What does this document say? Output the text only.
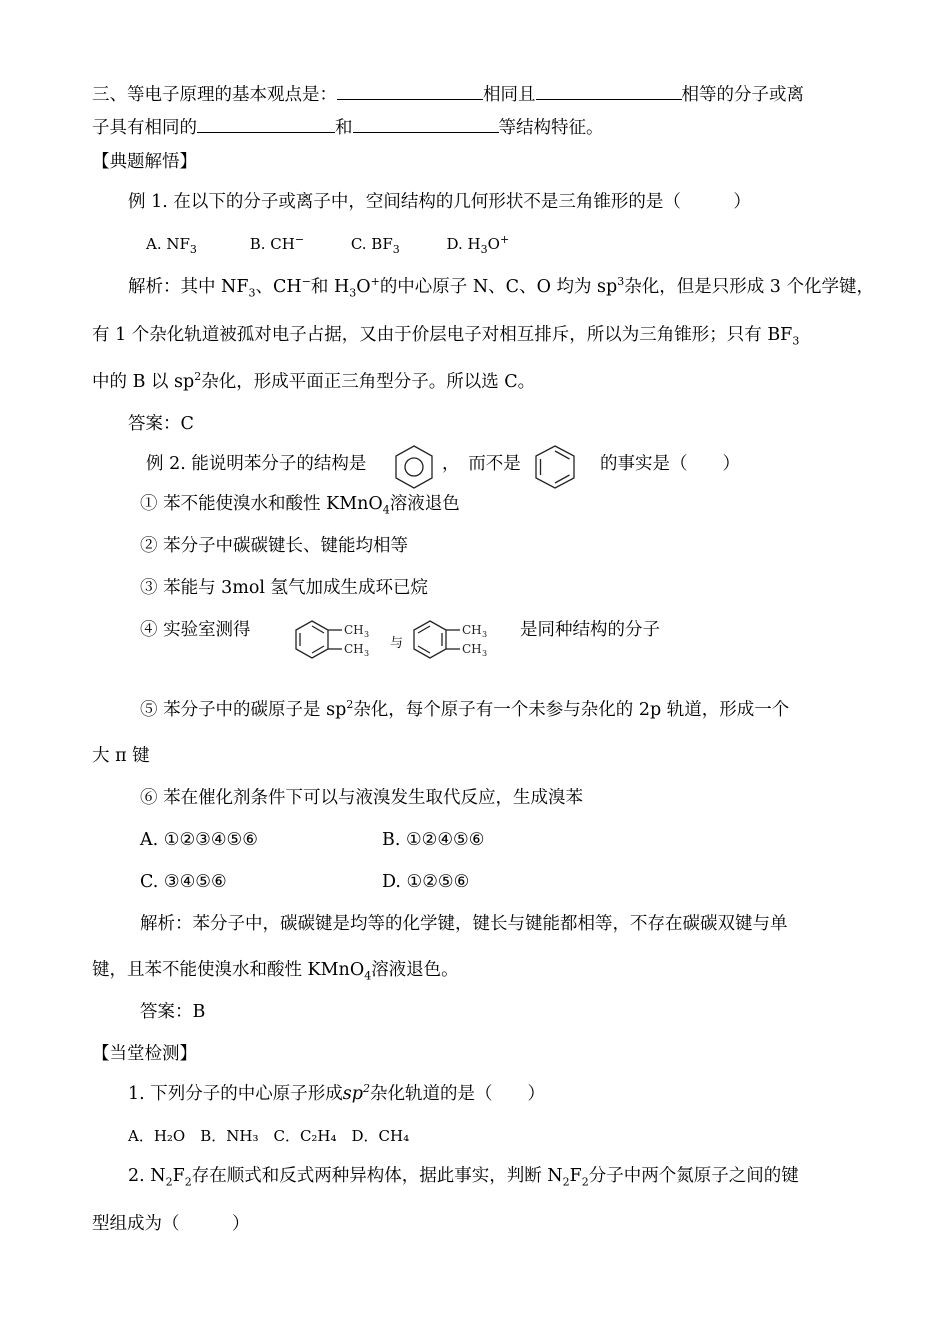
三、等电子原理的基本观点是：	相同且	相等的分子或离
子具有相同的	和	等结构特征。
【典题解悟】
例 1. 在以下的分子或离子中，空间结构的几何形状不是三角锥形的是（　　　）
A. $NF_3$	B. CH−	C. $BF_3$	D. $H_3O^+$
解析：其中 $NF_3$、CH−和 $H_3O^+$的中心原子 N、C、O 均为 $sp^3$杂化，但是只形成 3 个化学键，
有 1 个杂化轨道被孤对电子占据，又由于价层电子对相互排斥，所以为三角锥形；只有 $BF_3$
中的 B 以 $sp^2$杂化，形成平面正三角型分子。所以选 C。
答案：C
例 2. 能说明苯分子的结构是	，　而不是	的事实是（　　）
① 苯不能使溴水和酸性 KMnO$_4$溶液退色
② 苯分子中碳碳键长、键能均相等
③ 苯能与 3mol 氢气加成生成环已烷
④ 实验室测得	CH 3
CH 3
与
CH 3
CH 3
是同种结构的分子
⑤ 苯分子中的碳原子是 $sp^2$杂化，每个原子有一个未参与杂化的 2p 轨道，形成一个
大 π 键
⑥ 苯在催化剂条件下可以与液溴发生取代反应，生成溴苯
A. ①②③④⑤⑥	B. ①②④⑤⑥
C. ③④⑤⑥	D. ①②⑤⑥
解析：苯分子中，碳碳键是均等的化学键，键长与键能都相等，不存在碳碳双键与单
键，且苯不能使溴水和酸性 KMnO$_4$溶液退色。
答案：B
【当堂检测】
1. 下列分子的中心原子形成$sp^2$杂化轨道的是（　　）
A．H₂O　B．NH₃　C．C₂H₄　D．CH₄
2. $N_2F_2$存在顺式和反式两种异构体，据此事实，判断 $N_2F_2$分子中两个氮原子之间的键
型组成为（　　　）
